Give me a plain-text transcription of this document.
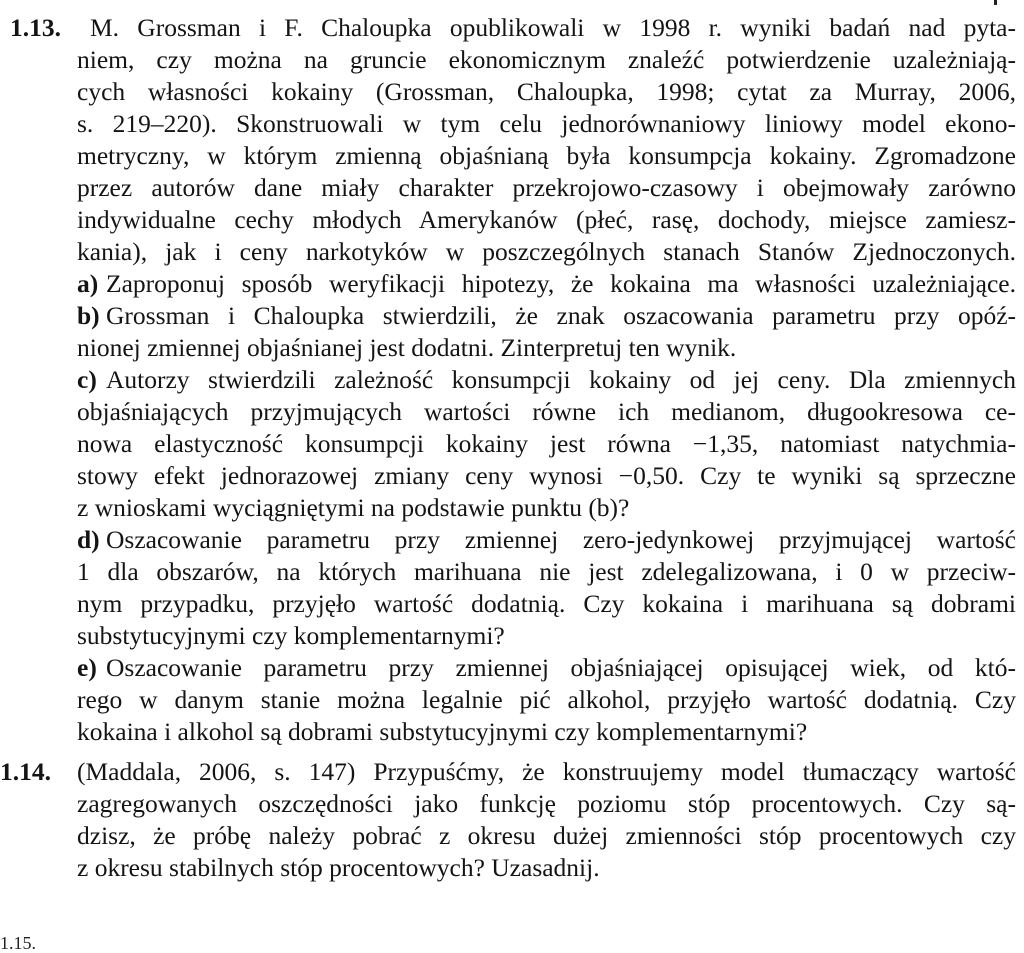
1.13. M. Grossman i F. Chaloupka opublikowali w 1998 r. wyniki badań nad pyta-
niem, czy można na gruncie ekonomicznym znaleźć potwierdzenie uzależniają-
cych własności kokainy (Grossman, Chaloupka, 1998; cytat za Murray, 2006,
s. 219–220). Skonstruowali w tym celu jednorównaniowy liniowy model ekono-
metryczny, w którym zmienną objaśnianą była konsumpcja kokainy. Zgromadzone
przez autorów dane miały charakter przekrojowo-czasowy i obejmowały zarówno
indywidualne cechy młodych Amerykanów (płeć, rasę, dochody, miejsce zamiesz-
kania), jak i ceny narkotyków w poszczególnych stanach Stanów Zjednoczonych.
a) Zaproponuj sposób weryfikacji hipotezy, że kokaina ma własności uzależniające.
b) Grossman i Chaloupka stwierdzili, że znak oszacowania parametru przy opóź-
nionej zmiennej objaśnianej jest dodatni. Zinterpretuj ten wynik.
c) Autorzy stwierdzili zależność konsumpcji kokainy od jej ceny. Dla zmiennych
objaśniających przyjmujących wartości równe ich medianom, długookresowa ce-
nowa elastyczność konsumpcji kokainy jest równa −1,35, natomiast natychmia-
stowy efekt jednorazowej zmiany ceny wynosi −0,50. Czy te wyniki są sprzeczne
z wnioskami wyciągniętymi na podstawie punktu (b)?
d) Oszacowanie parametru przy zmiennej zero-jedynkowej przyjmującej wartość
1 dla obszarów, na których marihuana nie jest zdelegalizowana, i 0 w przeciw-
nym przypadku, przyjęło wartość dodatnią. Czy kokaina i marihuana są dobrami
substytucyjnymi czy komplementarnymi?
e) Oszacowanie parametru przy zmiennej objaśniającej opisującej wiek, od któ-
rego w danym stanie można legalnie pić alkohol, przyjęło wartość dodatnią. Czy
kokaina i alkohol są dobrami substytucyjnymi czy komplementarnymi?
1.14. (Maddala, 2006, s. 147) Przypuśćmy, że konstruujemy model tłumaczący wartość
zagregowanych oszczędności jako funkcję poziomu stóp procentowych. Czy są-
dzisz, że próbę należy pobrać z okresu dużej zmienności stóp procentowych czy
z okresu stabilnych stóp procentowych? Uzasadnij.
1.15.
